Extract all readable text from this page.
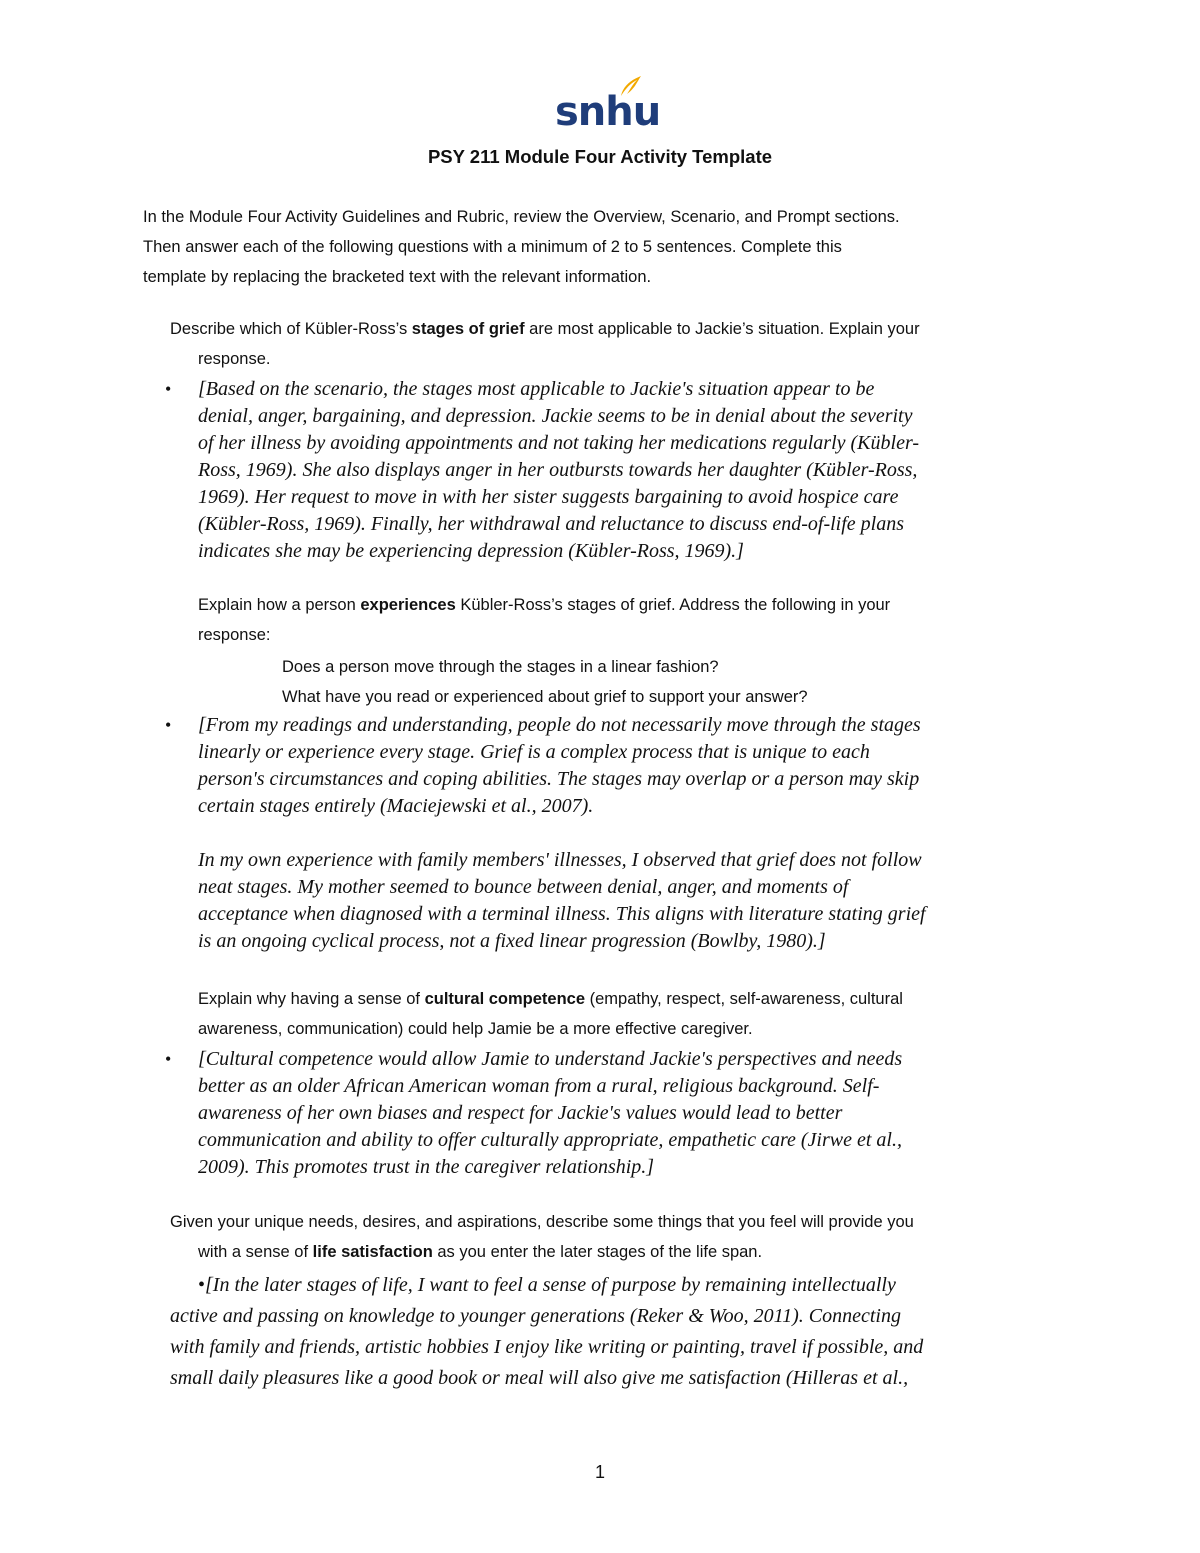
snhu
PSY 211 Module Four Activity Template

In the Module Four Activity Guidelines and Rubric, review the Overview, Scenario, and Prompt sections.
Then answer each of the following questions with a minimum of 2 to 5 sentences. Complete this
template by replacing the bracketed text with the relevant information.

Describe which of Kübler-Ross’s stages of grief are most applicable to Jackie’s situation. Explain your
response.

• [Based on the scenario, the stages most applicable to Jackie's situation appear to be
denial, anger, bargaining, and depression. Jackie seems to be in denial about the severity
of her illness by avoiding appointments and not taking her medications regularly (Kübler-
Ross, 1969). She also displays anger in her outbursts towards her daughter (Kübler-Ross,
1969). Her request to move in with her sister suggests bargaining to avoid hospice care
(Kübler-Ross, 1969). Finally, her withdrawal and reluctance to discuss end-of-life plans
indicates she may be experiencing depression (Kübler-Ross, 1969).]

Explain how a person experiences Kübler-Ross’s stages of grief. Address the following in your
response:

Does a person move through the stages in a linear fashion?

What have you read or experienced about grief to support your answer?

• [From my readings and understanding, people do not necessarily move through the stages
linearly or experience every stage. Grief is a complex process that is unique to each
person's circumstances and coping abilities. The stages may overlap or a person may skip
certain stages entirely (Maciejewski et al., 2007).

In my own experience with family members' illnesses, I observed that grief does not follow
neat stages. My mother seemed to bounce between denial, anger, and moments of
acceptance when diagnosed with a terminal illness. This aligns with literature stating grief
is an ongoing cyclical process, not a fixed linear progression (Bowlby, 1980).]

Explain why having a sense of cultural competence (empathy, respect, self-awareness, cultural
awareness, communication) could help Jamie be a more effective caregiver.

• [Cultural competence would allow Jamie to understand Jackie's perspectives and needs
better as an older African American woman from a rural, religious background. Self-
awareness of her own biases and respect for Jackie's values would lead to better
communication and ability to offer culturally appropriate, empathetic care (Jirwe et al.,
2009). This promotes trust in the caregiver relationship.]

Given your unique needs, desires, and aspirations, describe some things that you feel will provide you
with a sense of life satisfaction as you enter the later stages of the life span.

•[In the later stages of life, I want to feel a sense of purpose by remaining intellectually
active and passing on knowledge to younger generations (Reker & Woo, 2011). Connecting
with family and friends, artistic hobbies I enjoy like writing or painting, travel if possible, and
small daily pleasures like a good book or meal will also give me satisfaction (Hilleras et al.,

1
